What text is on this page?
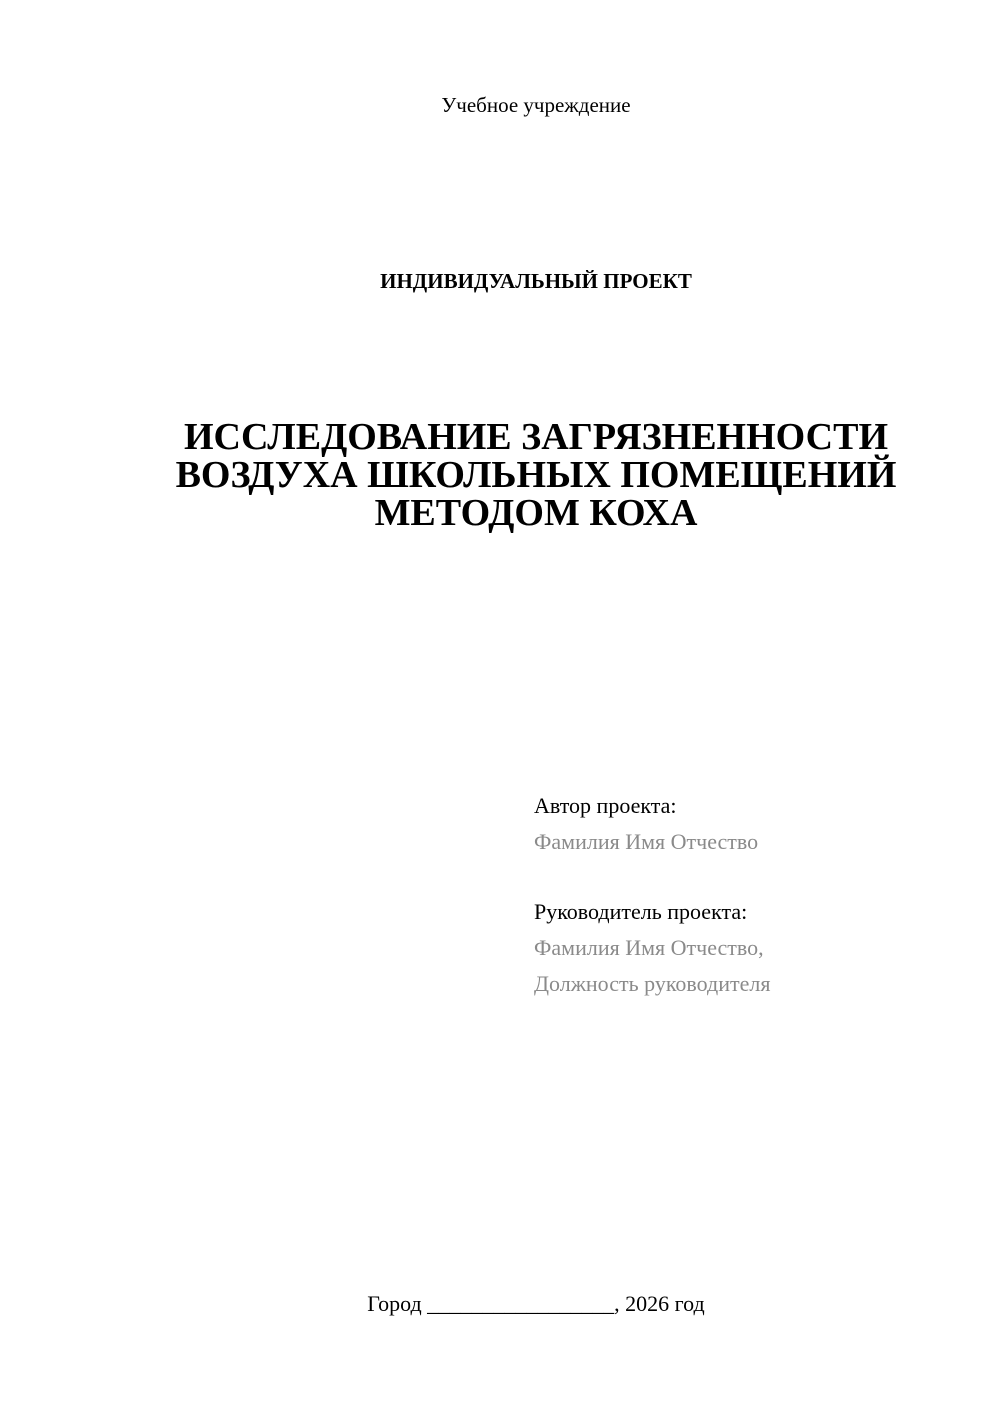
Учебное учреждение
ИНДИВИДУАЛЬНЫЙ ПРОЕКТ
ИССЛЕДОВАНИЕ ЗАГРЯЗНЕННОСТИ
ВОЗДУХА ШКОЛЬНЫХ ПОМЕЩЕНИЙ
МЕТОДОМ КОХА
Автор проекта:
Фамилия Имя Отчество
Руководитель проекта:
Фамилия Имя Отчество,
Должность руководителя
Город _________________, 2026 год
